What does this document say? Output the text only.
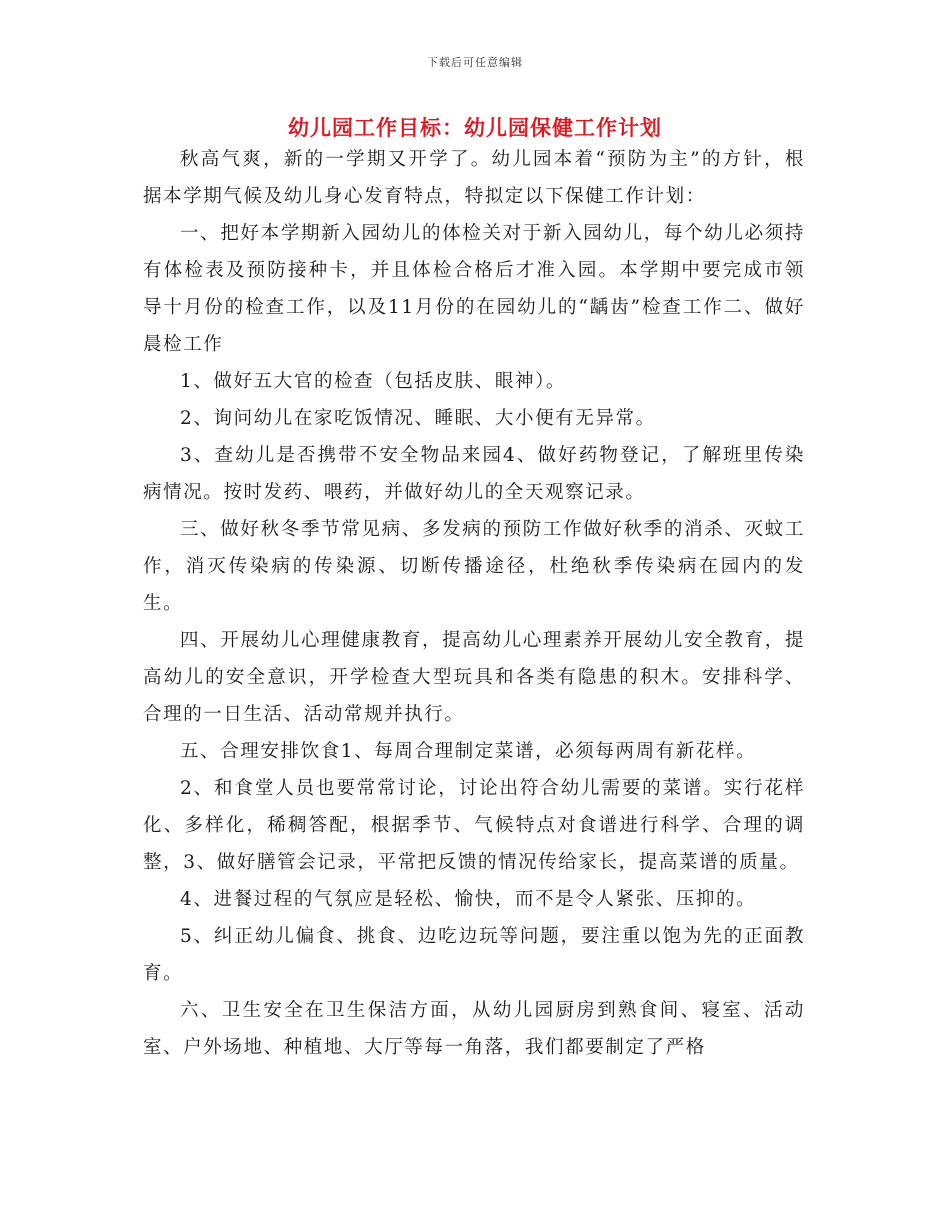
下载后可任意编辑
幼儿园工作目标：幼儿园保健工作计划

秋高气爽，新的一学期又开学了。幼儿园本着“预防为主”的方针，根据本学期气候及幼儿身心发育特点，特拟定以下保健工作计划：

一、把好本学期新入园幼儿的体检关对于新入园幼儿，每个幼儿必须持有体检表及预防接种卡，并且体检合格后才准入园。本学期中要完成市领导十月份的检查工作，以及11月份的在园幼儿的“龋齿”检查工作二、做好晨检工作

1、做好五大官的检查（包括皮肤、眼神）。

2、询问幼儿在家吃饭情况、睡眠、大小便有无异常。

3、查幼儿是否携带不安全物品来园4、做好药物登记，了解班里传染病情况。按时发药、喂药，并做好幼儿的全天观察记录。

三、做好秋冬季节常见病、多发病的预防工作做好秋季的消杀、灭蚊工作，消灭传染病的传染源、切断传播途径，杜绝秋季传染病在园内的发生。

四、开展幼儿心理健康教育，提高幼儿心理素养开展幼儿安全教育，提高幼儿的安全意识，开学检查大型玩具和各类有隐患的积木。安排科学、合理的一日生活、活动常规并执行。

五、合理安排饮食1、每周合理制定菜谱，必须每两周有新花样。

2、和食堂人员也要常常讨论，讨论出符合幼儿需要的菜谱。实行花样化、多样化，稀稠答配，根据季节、气候特点对食谱进行科学、合理的调整，3、做好膳管会记录，平常把反馈的情况传给家长，提高菜谱的质量。

4、进餐过程的气氛应是轻松、愉快，而不是令人紧张、压抑的。

5、纠正幼儿偏食、挑食、边吃边玩等问题，要注重以饱为先的正面教育。

六、卫生安全在卫生保洁方面，从幼儿园厨房到熟食间、寝室、活动室、户外场地、种植地、大厅等每一角落，我们都要制定了严格
